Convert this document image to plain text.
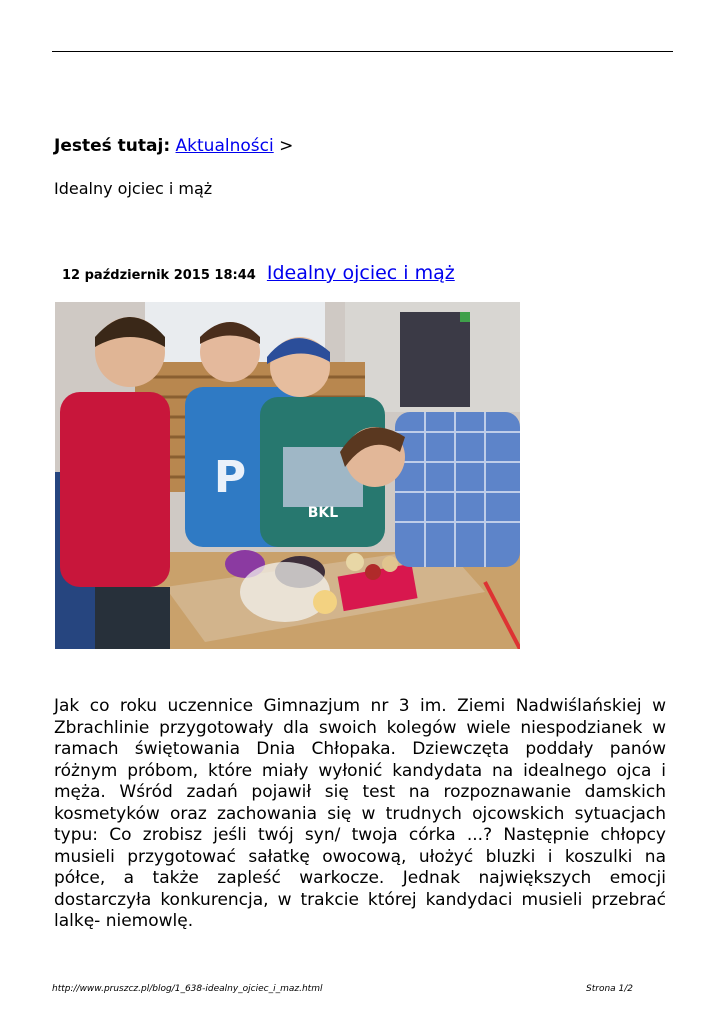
Jesteś tutaj: Aktualności >
Idealny ojciec i mąż
12 październik 2015 18:44 Idealny ojciec i mąż
P
BKL
Jak co roku uczennice Gimnazjum nr 3 im. Ziemi Nadwiślańskiej w Zbrachlinie przygotowały dla swoich kolegów wiele niespodzianek w ramach świętowania Dnia Chłopaka. Dziewczęta poddały panów różnym próbom, które miały wyłonić kandydata na idealnego ojca i męża. Wśród zadań pojawił się test na rozpoznawanie damskich kosmetyków oraz zachowania się w trudnych ojcowskich sytuacjach typu: Co zrobisz jeśli twój syn/ twoja córka ...? Następnie chłopcy musieli przygotować sałatkę owocową, ułożyć bluzki i koszulki na półce, a także zapleść warkocze. Jednak największych emocji dostarczyła konkurencja, w trakcie której kandydaci musieli przebrać lalkę- niemowlę.
http://www.pruszcz.pl/blog/1_638-idealny_ojciec_i_maz.html	Strona 1/2
